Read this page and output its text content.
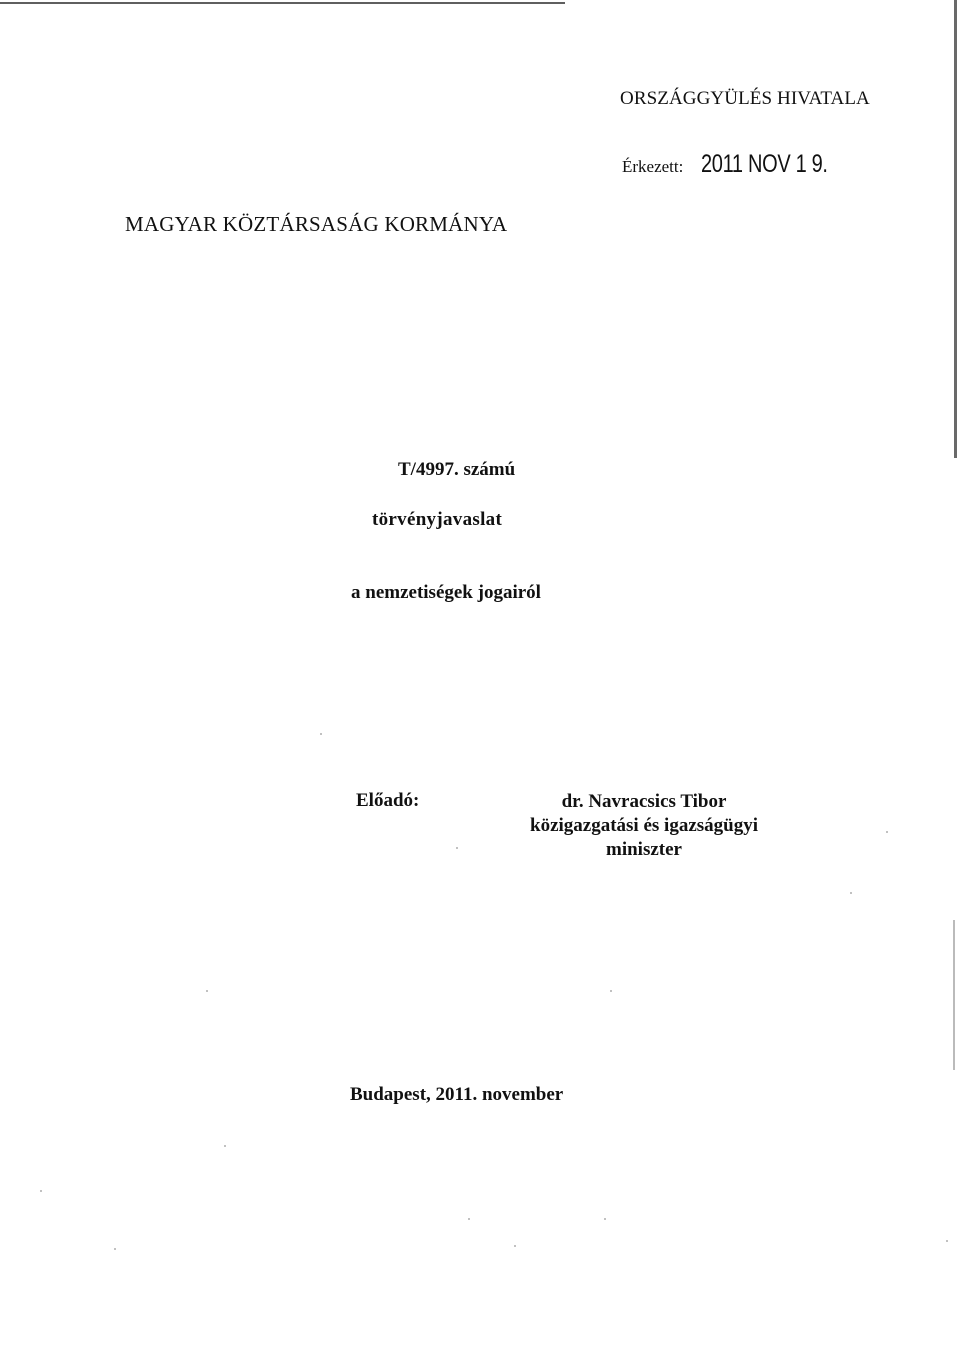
ORSZÁGGYÜLÉS HIVATALA
Érkezett: 2011 NOV 1 9.
MAGYAR KÖZTÁRSASÁG KORMÁNYA
T/4997. számú
törvényjavaslat
a nemzetiségek jogairól
Előadó:	dr. Navracsics Tibor
közigazgatási és igazságügyi
miniszter
Budapest, 2011. november
